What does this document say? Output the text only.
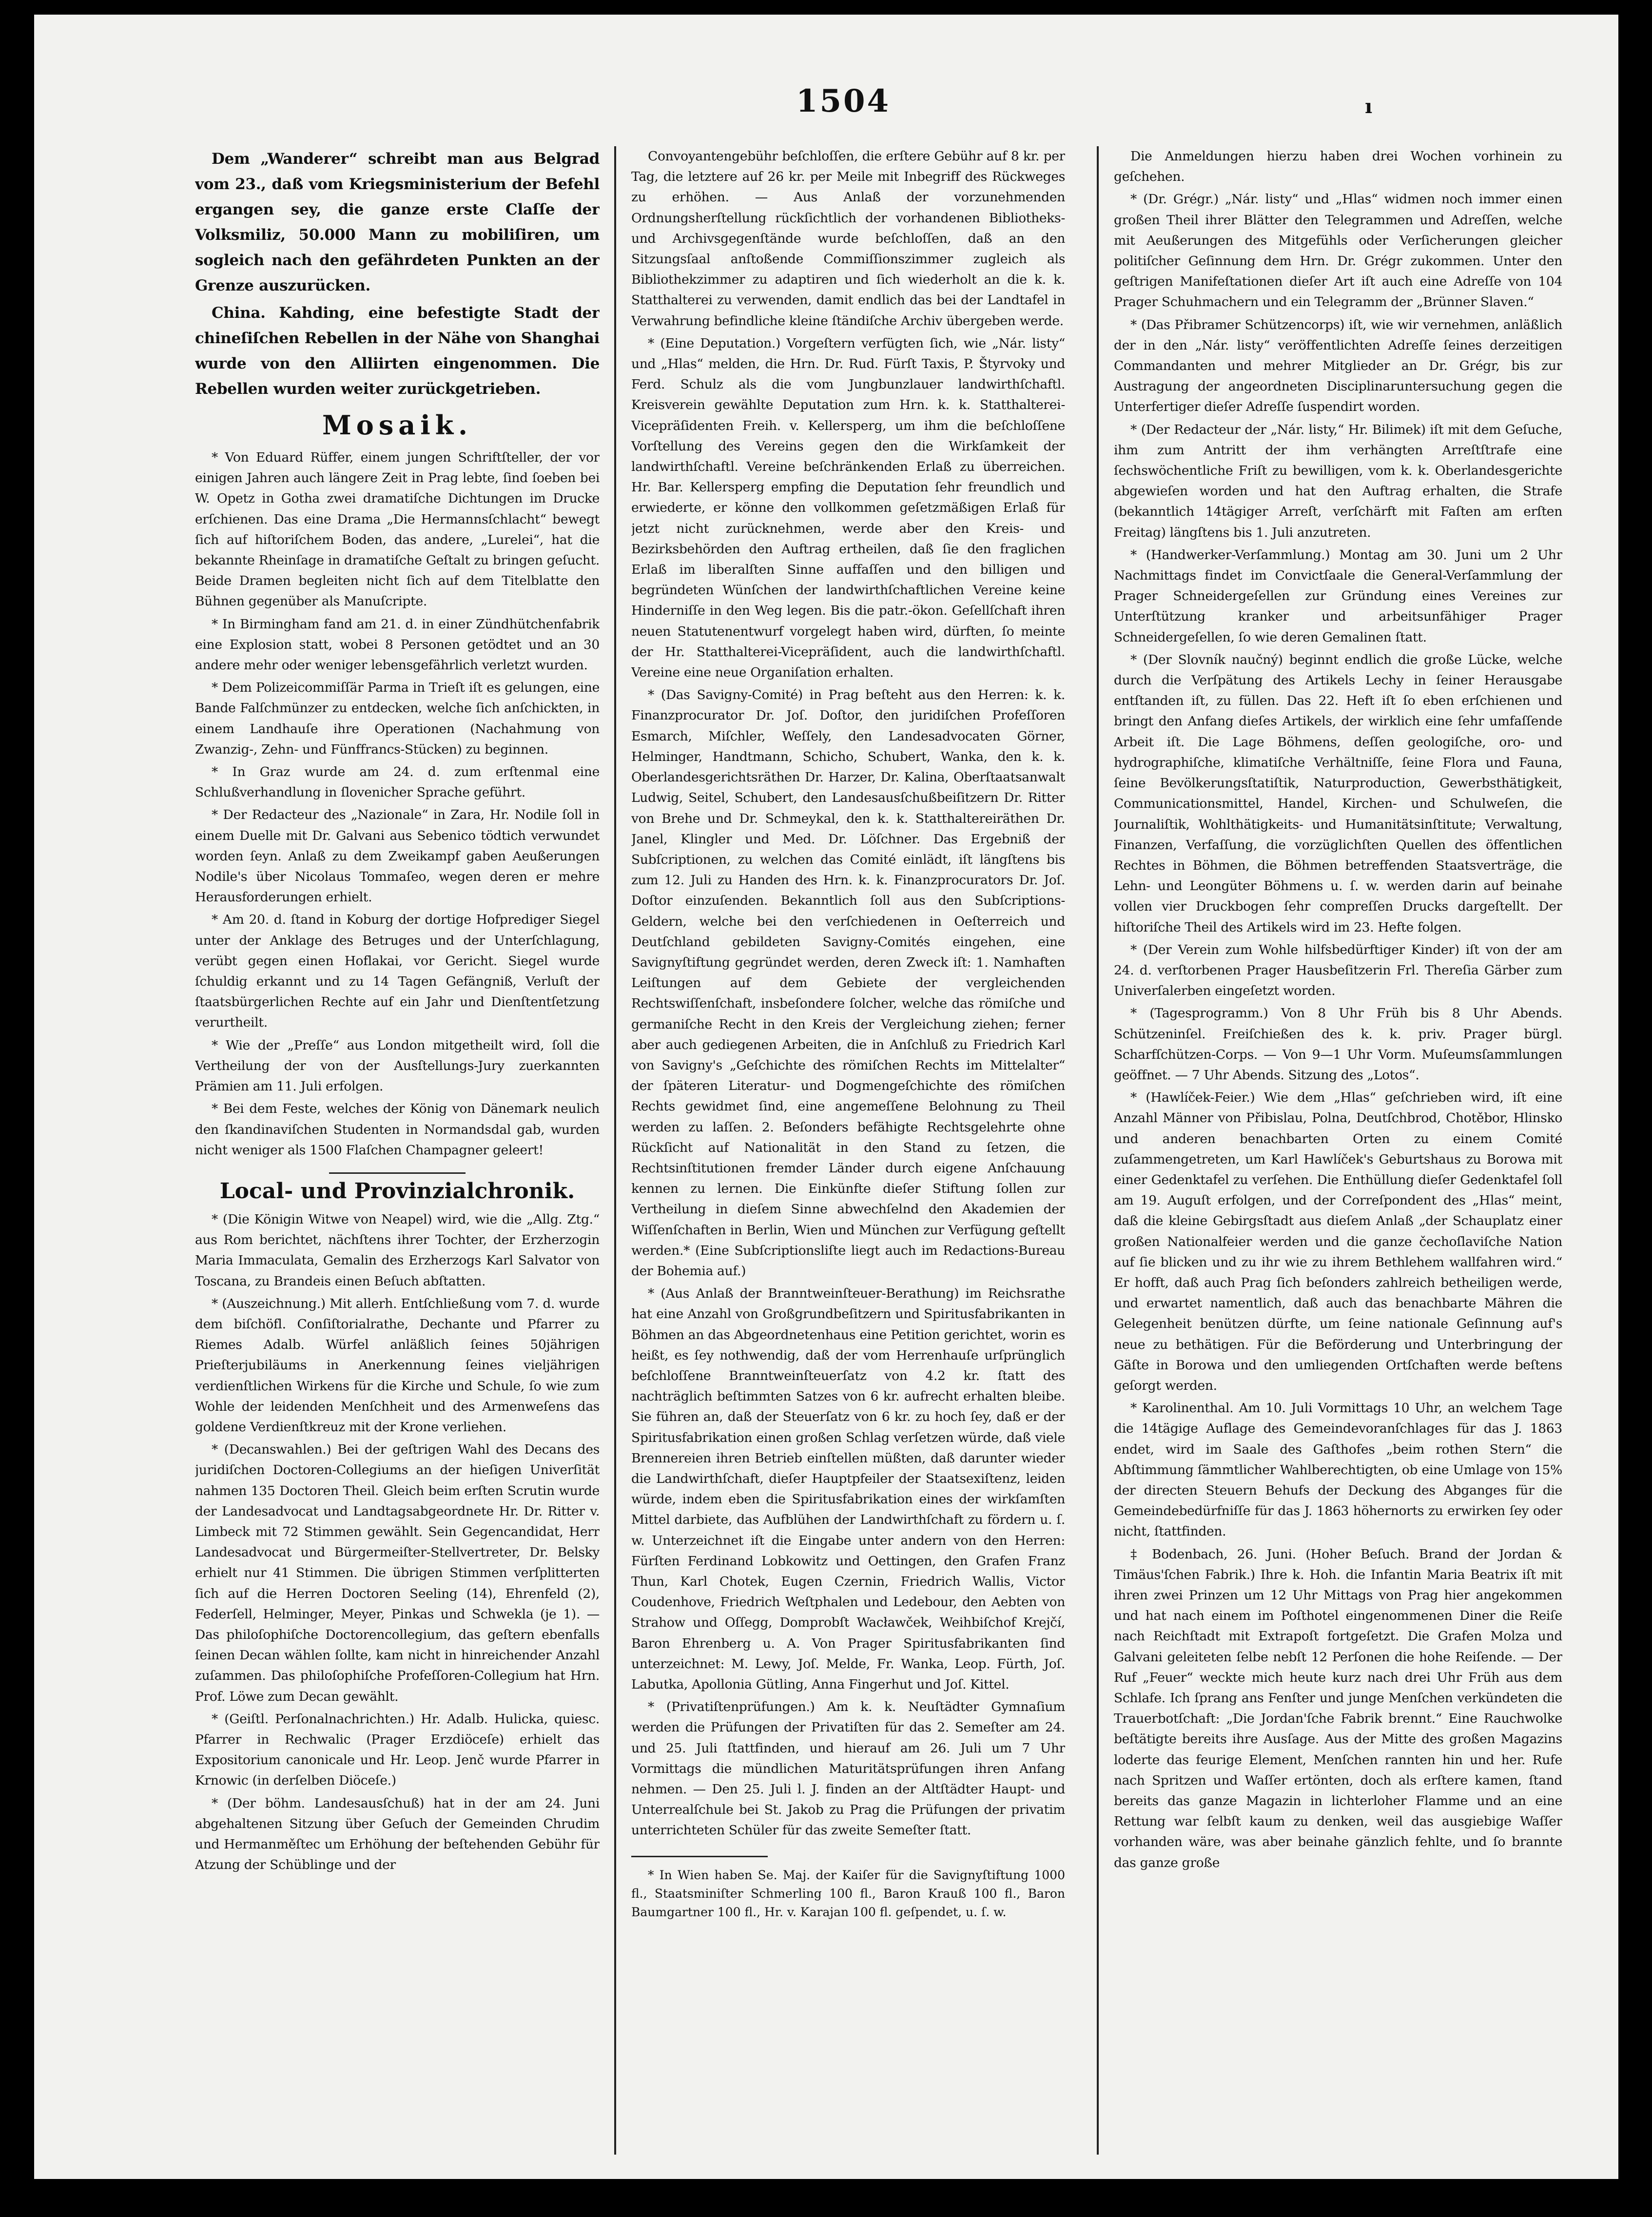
1504	ı

Dem „Wanderer“ schreibt man aus Belgrad vom 23., daß vom Kriegsministerium der Befehl ergangen sey, die ganze erste Claſſe der Volksmiliz, 50.000 Mann zu mobiliſiren, um sogleich nach den gefährdeten Punkten an der Grenze auszurücken.

China. Kahding, eine befestigte Stadt der chineſiſchen Rebellen in der Nähe von Shanghai wurde von den Alliirten eingenommen. Die Rebellen wurden weiter zurückgetrieben.

Mosaik.

* Von Eduard Rüffer, einem jungen Schriftſteller, der vor einigen Jahren auch längere Zeit in Prag lebte, ſind ſoeben bei W. Opetz in Gotha zwei dramatiſche Dichtungen im Drucke erſchienen. Das eine Drama „Die Hermannsſchlacht“ bewegt ſich auf hiſtoriſchem Boden, das andere, „Lurelei“, hat die bekannte Rheinſage in dramatiſche Geſtalt zu bringen geſucht. Beide Dramen begleiten nicht ſich auf dem Titelblatte den Bühnen gegenüber als Manuſcripte.

* In Birmingham fand am 21. d. in einer Zündhütchenfabrik eine Explosion statt, wobei 8 Personen getödtet und an 30 andere mehr oder weniger lebensgefährlich verletzt wurden.

* Dem Polizeicommiſſär Parma in Trieſt iſt es gelungen, eine Bande Falſchmünzer zu entdecken, welche ſich anſchickten, in einem Landhauſe ihre Operationen (Nachahmung von Zwanzig-, Zehn- und Fünffrancs-Stücken) zu beginnen.

* In Graz wurde am 24. d. zum erſtenmal eine Schlußverhandlung in ſlovenicher Sprache geführt.

* Der Redacteur des „Nazionale“ in Zara, Hr. Nodile ſoll in einem Duelle mit Dr. Galvani aus Sebenico tödtich verwundet worden ſeyn. Anlaß zu dem Zweikampf gaben Aeußerungen Nodile's über Nicolaus Tommaſeo, wegen deren er mehre Herausforderungen erhielt.

* Am 20. d. ſtand in Koburg der dortige Hofprediger Siegel unter der Anklage des Betruges und der Unterſchlagung, verübt gegen einen Hoflakai, vor Gericht. Siegel wurde ſchuldig erkannt und zu 14 Tagen Gefängniß, Verluſt der ſtaatsbürgerlichen Rechte auf ein Jahr und Dienſtentſetzung verurtheilt.

* Wie der „Preſſe“ aus London mitgetheilt wird, ſoll die Vertheilung der von der Ausſtellungs-Jury zuerkannten Prämien am 11. Juli erfolgen.

* Bei dem Feste, welches der König von Dänemark neulich den ſkandinaviſchen Studenten in Normandsdal gab, wurden nicht weniger als 1500 Flaſchen Champagner geleert!

Local- und Provinzialchronik.

* (Die Königin Witwe von Neapel) wird, wie die „Allg. Ztg.“ aus Rom berichtet, nächſtens ihrer Tochter, der Erzherzogin Maria Immaculata, Gemalin des Erzherzogs Karl Salvator von Toscana, zu Brandeis einen Beſuch abſtatten.

* (Auszeichnung.) Mit allerh. Entſchließung vom 7. d. wurde dem biſchöfl. Conſiſtorialrathe, Dechante und Pfarrer zu Riemes Adalb. Würfel anläßlich ſeines 50jährigen Prieſterjubiläums in Anerkennung ſeines vieljährigen verdienſtlichen Wirkens für die Kirche und Schule, ſo wie zum Wohle der leidenden Menſchheit und des Armenweſens das goldene Verdienſtkreuz mit der Krone verliehen.

* (Decanswahlen.) Bei der geſtrigen Wahl des Decans des juridiſchen Doctoren-Collegiums an der hieſigen Univerſität nahmen 135 Doctoren Theil. Gleich beim erſten Scrutin wurde der Landesadvocat und Landtagsabgeordnete Hr. Dr. Ritter v. Limbeck mit 72 Stimmen gewählt. Sein Gegencandidat, Herr Landesadvocat und Bürgermeiſter-Stellvertreter, Dr. Belsky erhielt nur 41 Stimmen. Die übrigen Stimmen verſplitterten ſich auf die Herren Doctoren Seeling (14), Ehrenfeld (2), Federſell, Helminger, Meyer, Pinkas und Schwekla (je 1). — Das philoſophiſche Doctorencollegium, das geſtern ebenfalls ſeinen Decan wählen ſollte, kam nicht in hinreichender Anzahl zuſammen. Das philoſophiſche Profeſſoren-Collegium hat Hrn. Prof. Löwe zum Decan gewählt.

* (Geiſtl. Perſonalnachrichten.) Hr. Adalb. Hulicka, quiesc. Pfarrer in Rechwalic (Prager Erzdiöceſe) erhielt das Expositorium canonicale und Hr. Leop. Jenč wurde Pfarrer in Krnowic (in derſelben Diöceſe.)

* (Der böhm. Landesausſchuß) hat in der am 24. Juni abgehaltenen Sitzung über Geſuch der Gemeinden Chrudim und Hermanměſtec um Erhöhung der beſtehenden Gebühr für Atzung der Schüblinge und der

Convoyantengebühr beſchloſſen, die erſtere Gebühr auf 8 kr. per Tag, die letztere auf 26 kr. per Meile mit Inbegriff des Rückweges zu erhöhen. — Aus Anlaß der vorzunehmenden Ordnungsherſtellung rückſichtlich der vorhandenen Bibliotheks- und Archivsgegenſtände wurde beſchloſſen, daß an den Sitzungsſaal anſtoßende Commiſſionszimmer zugleich als Bibliothekzimmer zu adaptiren und ſich wiederholt an die k. k. Statthalterei zu verwenden, damit endlich das bei der Landtafel in Verwahrung befindliche kleine ſtändiſche Archiv übergeben werde.

* (Eine Deputation.) Vorgeſtern verfügten ſich, wie „Nár. listy“ und „Hlas“ melden, die Hrn. Dr. Rud. Fürſt Taxis, P. Štyrvoky und Ferd. Schulz als die vom Jungbunzlauer landwirthſchaftl. Kreisverein gewählte Deputation zum Hrn. k. k. Statthalterei-Vicepräſidenten Freih. v. Kellersperg, um ihm die beſchloſſene Vorſtellung des Vereins gegen den die Wirkſamkeit der landwirthſchaftl. Vereine beſchränkenden Erlaß zu überreichen. Hr. Bar. Kellersperg empfing die Deputation ſehr freundlich und erwiederte, er könne den vollkommen geſetzmäßigen Erlaß für jetzt nicht zurücknehmen, werde aber den Kreis- und Bezirksbehörden den Auftrag ertheilen, daß ſie den fraglichen Erlaß im liberalſten Sinne auffaſſen und den billigen und begründeten Wünſchen der landwirthſchaftlichen Vereine keine Hinderniſſe in den Weg legen. Bis die patr.-ökon. Geſellſchaft ihren neuen Statutenentwurf vorgelegt haben wird, dürften, ſo meinte der Hr. Statthalterei-Vicepräſident, auch die landwirthſchaftl. Vereine eine neue Organiſation erhalten.

* (Das Savigny-Comité) in Prag beſteht aus den Herren: k. k. Finanzprocurator Dr. Joſ. Doſtor, den juridiſchen Profeſſoren Esmarch, Miſchler, Weſſely, den Landesadvocaten Görner, Helminger, Handtmann, Schicho, Schubert, Wanka, den k. k. Oberlandesgerichtsräthen Dr. Harzer, Dr. Kalina, Oberſtaatsanwalt Ludwig, Seitel, Schubert, den Landesausſchußbeiſitzern Dr. Ritter von Brehe und Dr. Schmeykal, den k. k. Statthaltereiräthen Dr. Janel, Klingler und Med. Dr. Löſchner. Das Ergebniß der Subſcriptionen, zu welchen das Comité einlädt, iſt längſtens bis zum 12. Juli zu Handen des Hrn. k. k. Finanzprocurators Dr. Joſ. Doſtor einzuſenden. Bekanntlich ſoll aus den Subſcriptions-Geldern, welche bei den verſchiedenen in Oeſterreich und Deutſchland gebildeten Savigny-Comités eingehen, eine Savignyſtiftung gegründet werden, deren Zweck iſt: 1. Namhaften Leiſtungen auf dem Gebiete der vergleichenden Rechtswiſſenſchaft, insbeſondere ſolcher, welche das römiſche und germaniſche Recht in den Kreis der Vergleichung ziehen; ferner aber auch gediegenen Arbeiten, die in Anſchluß zu Friedrich Karl von Savigny's „Geſchichte des römiſchen Rechts im Mittelalter“ der ſpäteren Literatur- und Dogmengeſchichte des römiſchen Rechts gewidmet ſind, eine angemeſſene Belohnung zu Theil werden zu laſſen. 2. Beſonders befähigte Rechtsgelehrte ohne Rückſicht auf Nationalität in den Stand zu ſetzen, die Rechtsinſtitutionen fremder Länder durch eigene Anſchauung kennen zu lernen. Die Einkünfte dieſer Stiftung ſollen zur Vertheilung in dieſem Sinne abwechſelnd den Akademien der Wiſſenſchaften in Berlin, Wien und München zur Verfügung geſtellt werden.* (Eine Subſcriptionsliſte liegt auch im Redactions-Bureau der Bohemia auf.)

* (Aus Anlaß der Branntweinſteuer-Berathung) im Reichsrathe hat eine Anzahl von Großgrundbeſitzern und Spiritusfabrikanten in Böhmen an das Abgeordnetenhaus eine Petition gerichtet, worin es heißt, es ſey nothwendig, daß der vom Herrenhauſe urſprünglich beſchloſſene Branntweinſteuerſatz von 4.2 kr. ſtatt des nachträglich beſtimmten Satzes von 6 kr. aufrecht erhalten bleibe. Sie führen an, daß der Steuerſatz von 6 kr. zu hoch ſey, daß er der Spiritusfabrikation einen großen Schlag verſetzen würde, daß viele Brennereien ihren Betrieb einſtellen müßten, daß darunter wieder die Landwirthſchaft, dieſer Hauptpfeiler der Staatsexiſtenz, leiden würde, indem eben die Spiritusfabrikation eines der wirkſamſten Mittel darbiete, das Aufblühen der Landwirthſchaft zu fördern u. ſ. w. Unterzeichnet iſt die Eingabe unter andern von den Herren: Fürſten Ferdinand Lobkowitz und Oettingen, den Grafen Franz Thun, Karl Chotek, Eugen Czernin, Friedrich Wallis, Victor Coudenhove, Friedrich Weſtphalen und Ledebour, den Aebten von Strahow und Oſſegg, Domprobſt Wacławček, Weihbiſchof Krejčí, Baron Ehrenberg u. A. Von Prager Spiritusfabrikanten ſind unterzeichnet: M. Lewy, Joſ. Melde, Fr. Wanka, Leop. Fürth, Joſ. Labutka, Apollonia Gütling, Anna Fingerhut und Joſ. Kittel.

* (Privatiſtenprüfungen.) Am k. k. Neuſtädter Gymnaſium werden die Prüfungen der Privatiſten für das 2. Semeſter am 24. und 25. Juli ſtattfinden, und hierauf am 26. Juli um 7 Uhr Vormittags die mündlichen Maturitätsprüfungen ihren Anfang nehmen. — Den 25. Juli l. J. finden an der Altſtädter Haupt- und Unterrealſchule bei St. Jakob zu Prag die Prüfungen der privatim unterrichteten Schüler für das zweite Semeſter ſtatt.

* In Wien haben Se. Maj. der Kaiſer für die Savignyſtiftung 1000 fl., Staatsminiſter Schmerling 100 fl., Baron Krauß 100 fl., Baron Baumgartner 100 fl., Hr. v. Karajan 100 fl. geſpendet, u. ſ. w.

Die Anmeldungen hierzu haben drei Wochen vorhinein zu geſchehen.

* (Dr. Grégr.) „Nár. listy“ und „Hlas“ widmen noch immer einen großen Theil ihrer Blätter den Telegrammen und Adreſſen, welche mit Aeußerungen des Mitgefühls oder Verſicherungen gleicher politiſcher Geſinnung dem Hrn. Dr. Grégr zukommen. Unter den geſtrigen Manifeſtationen dieſer Art iſt auch eine Adreſſe von 104 Prager Schuhmachern und ein Telegramm der „Brünner Slaven.“

* (Das Přibramer Schützencorps) iſt, wie wir vernehmen, anläßlich der in den „Nár. listy“ veröffentlichten Adreſſe ſeines derzeitigen Commandanten und mehrer Mitglieder an Dr. Grégr, bis zur Austragung der angeordneten Disciplinaruntersuchung gegen die Unterfertiger dieſer Adreſſe ſuspendirt worden.

* (Der Redacteur der „Nár. listy,“ Hr. Bilimek) iſt mit dem Geſuche, ihm zum Antritt der ihm verhängten Arreſtſtrafe eine ſechswöchentliche Friſt zu bewilligen, vom k. k. Oberlandesgerichte abgewieſen worden und hat den Auftrag erhalten, die Strafe (bekanntlich 14tägiger Arreſt, verſchärft mit Faſten am erſten Freitag) längſtens bis 1. Juli anzutreten.

* (Handwerker-Verſammlung.) Montag am 30. Juni um 2 Uhr Nachmittags findet im Convictſaale die General-Verſammlung der Prager Schneidergeſellen zur Gründung eines Vereines zur Unterſtützung kranker und arbeitsunfähiger Prager Schneidergeſellen, ſo wie deren Gemalinen ſtatt.

* (Der Slovník naučný) beginnt endlich die große Lücke, welche durch die Verſpätung des Artikels Lechy in ſeiner Herausgabe entſtanden iſt, zu füllen. Das 22. Heft iſt ſo eben erſchienen und bringt den Anfang dieſes Artikels, der wirklich eine ſehr umfaſſende Arbeit iſt. Die Lage Böhmens, deſſen geologiſche, oro- und hydrographiſche, klimatiſche Verhältniſſe, ſeine Flora und Fauna, ſeine Bevölkerungsſtatiſtik, Naturproduction, Gewerbsthätigkeit, Communicationsmittel, Handel, Kirchen- und Schulweſen, die Journaliſtik, Wohlthätigkeits- und Humanitätsinſtitute; Verwaltung, Finanzen, Verfaſſung, die vorzüglichſten Quellen des öffentlichen Rechtes in Böhmen, die Böhmen betreffenden Staatsverträge, die Lehn- und Leongüter Böhmens u. ſ. w. werden darin auf beinahe vollen vier Druckbogen ſehr compreſſen Drucks dargeſtellt. Der hiſtoriſche Theil des Artikels wird im 23. Hefte folgen.

* (Der Verein zum Wohle hilfsbedürftiger Kinder) iſt von der am 24. d. verſtorbenen Prager Hausbeſitzerin Frl. Thereſia Gärber zum Univerſalerben eingeſetzt worden.

* (Tagesprogramm.) Von 8 Uhr Früh bis 8 Uhr Abends. Schützeninſel. Freiſchießen des k. k. priv. Prager bürgl. Scharfſchützen-Corps. — Von 9—1 Uhr Vorm. Muſeumsſammlungen geöffnet. — 7 Uhr Abends. Sitzung des „Lotos“.

* (Hawlíček-Feier.) Wie dem „Hlas“ geſchrieben wird, iſt eine Anzahl Männer von Přibislau, Polna, Deutſchbrod, Chotěbor, Hlinsko und anderen benachbarten Orten zu einem Comité zuſammengetreten, um Karl Hawlíček's Geburtshaus zu Borowa mit einer Gedenktafel zu verſehen. Die Enthüllung dieſer Gedenktafel ſoll am 19. Auguſt erfolgen, und der Correſpondent des „Hlas“ meint, daß die kleine Gebirgsſtadt aus dieſem Anlaß „der Schauplatz einer großen Nationalfeier werden und die ganze čechoſlaviſche Nation auf ſie blicken und zu ihr wie zu ihrem Bethlehem wallfahren wird.“ Er hofft, daß auch Prag ſich beſonders zahlreich betheiligen werde, und erwartet namentlich, daß auch das benachbarte Mähren die Gelegenheit benützen dürfte, um ſeine nationale Geſinnung auf's neue zu bethätigen. Für die Beförderung und Unterbringung der Gäſte in Borowa und den umliegenden Ortſchaften werde beſtens geſorgt werden.

* Karolinenthal. Am 10. Juli Vormittags 10 Uhr, an welchem Tage die 14tägige Auflage des Gemeindevoranſchlages für das J. 1863 endet, wird im Saale des Gaſthofes „beim rothen Stern“ die Abſtimmung ſämmtlicher Wahlberechtigten, ob eine Umlage von 15% der directen Steuern Behufs der Deckung des Abganges für die Gemeindebedürfniſſe für das J. 1863 höhernorts zu erwirken ſey oder nicht, ſtattfinden.

‡ Bodenbach, 26. Juni. (Hoher Beſuch. Brand der Jordan & Timäus'ſchen Fabrik.) Ihre k. Hoh. die Infantin Maria Beatrix iſt mit ihren zwei Prinzen um 12 Uhr Mittags von Prag hier angekommen und hat nach einem im Poſthotel eingenommenen Diner die Reiſe nach Reichſtadt mit Extrapoſt fortgeſetzt. Die Grafen Molza und Galvani geleiteten ſelbe nebſt 12 Perſonen die hohe Reiſende. — Der Ruf „Feuer“ weckte mich heute kurz nach drei Uhr Früh aus dem Schlafe. Ich ſprang ans Fenſter und junge Menſchen verkündeten die Trauerbotſchaft: „Die Jordan'ſche Fabrik brennt.“ Eine Rauchwolke beſtätigte bereits ihre Ausſage. Aus der Mitte des großen Magazins loderte das feurige Element, Menſchen rannten hin und her. Rufe nach Spritzen und Waſſer ertönten, doch als erſtere kamen, ſtand bereits das ganze Magazin in lichterloher Flamme und an eine Rettung war ſelbſt kaum zu denken, weil das ausgiebige Waſſer vorhanden wäre, was aber beinahe gänzlich fehlte, und ſo brannte das ganze große
